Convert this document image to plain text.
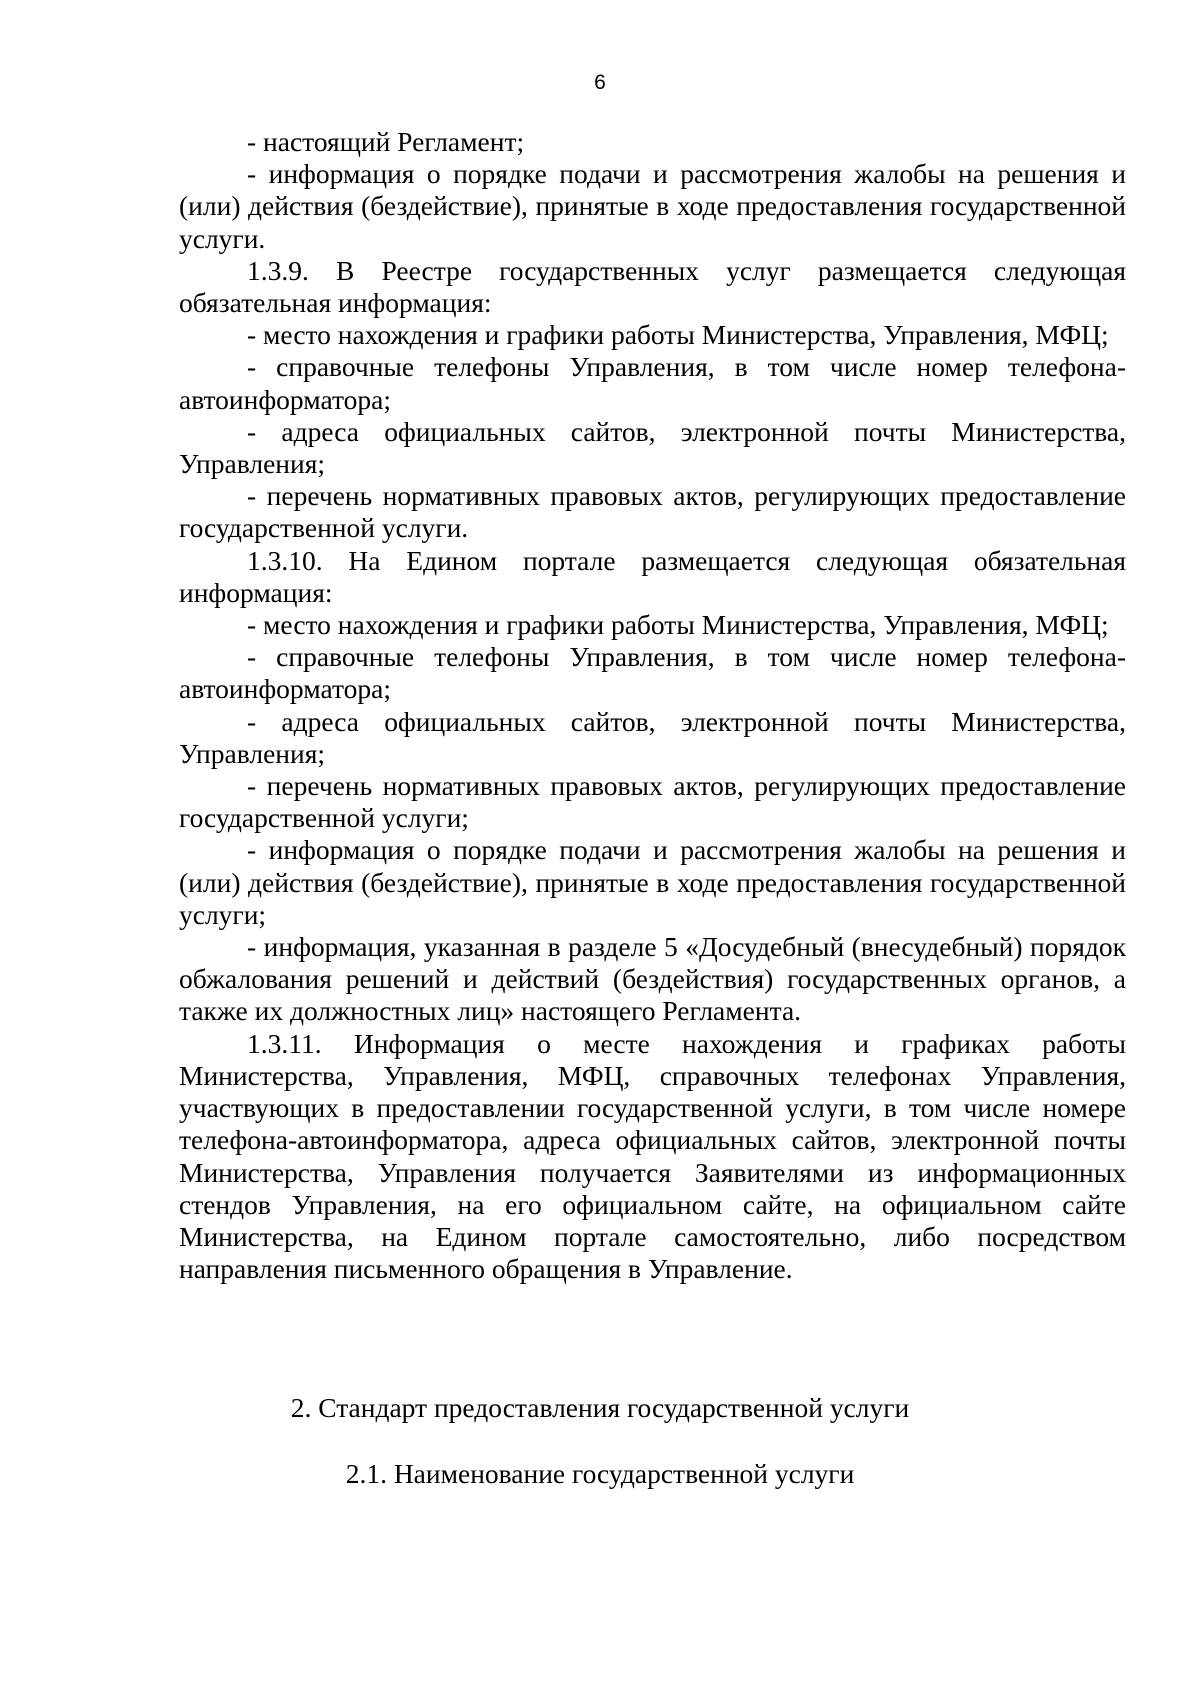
6

- настоящий Регламент;

- информация о порядке подачи и рассмотрения жалобы на решения и (или) действия (бездействие), принятые в ходе предоставления государственной услуги.

1.3.9. В Реестре государственных услуг размещается следующая обязательная информация:

- место нахождения и графики работы Министерства, Управления, МФЦ;

- справочные телефоны Управления, в том числе номер телефона-автоинформатора;

- адреса официальных сайтов, электронной почты Министерства, Управления;

- перечень нормативных правовых актов, регулирующих предоставление государственной услуги.

1.3.10. На Едином портале размещается следующая обязательная информация:

- место нахождения и графики работы Министерства, Управления, МФЦ;

- справочные телефоны Управления, в том числе номер телефона-автоинформатора;

- адреса официальных сайтов, электронной почты Министерства, Управления;

- перечень нормативных правовых актов, регулирующих предоставление государственной услуги;

- информация о порядке подачи и рассмотрения жалобы на решения и (или) действия (бездействие), принятые в ходе предоставления государственной услуги;

- информация, указанная в разделе 5 «Досудебный (внесудебный) порядок обжалования решений и действий (бездействия) государственных органов, а также их должностных лиц» настоящего Регламента.

1.3.11. Информация о месте нахождения и графиках работы Министерства, Управления, МФЦ, справочных телефонах Управления, участвующих в предоставлении государственной услуги, в том числе номере телефона-автоинформатора, адреса официальных сайтов, электронной почты Министерства, Управления получается Заявителями из информационных стендов Управления, на его официальном сайте, на официальном сайте Министерства, на Едином портале самостоятельно, либо посредством направления письменного обращения в Управление.

2. Стандарт предоставления государственной услуги

2.1. Наименование государственной услуги
